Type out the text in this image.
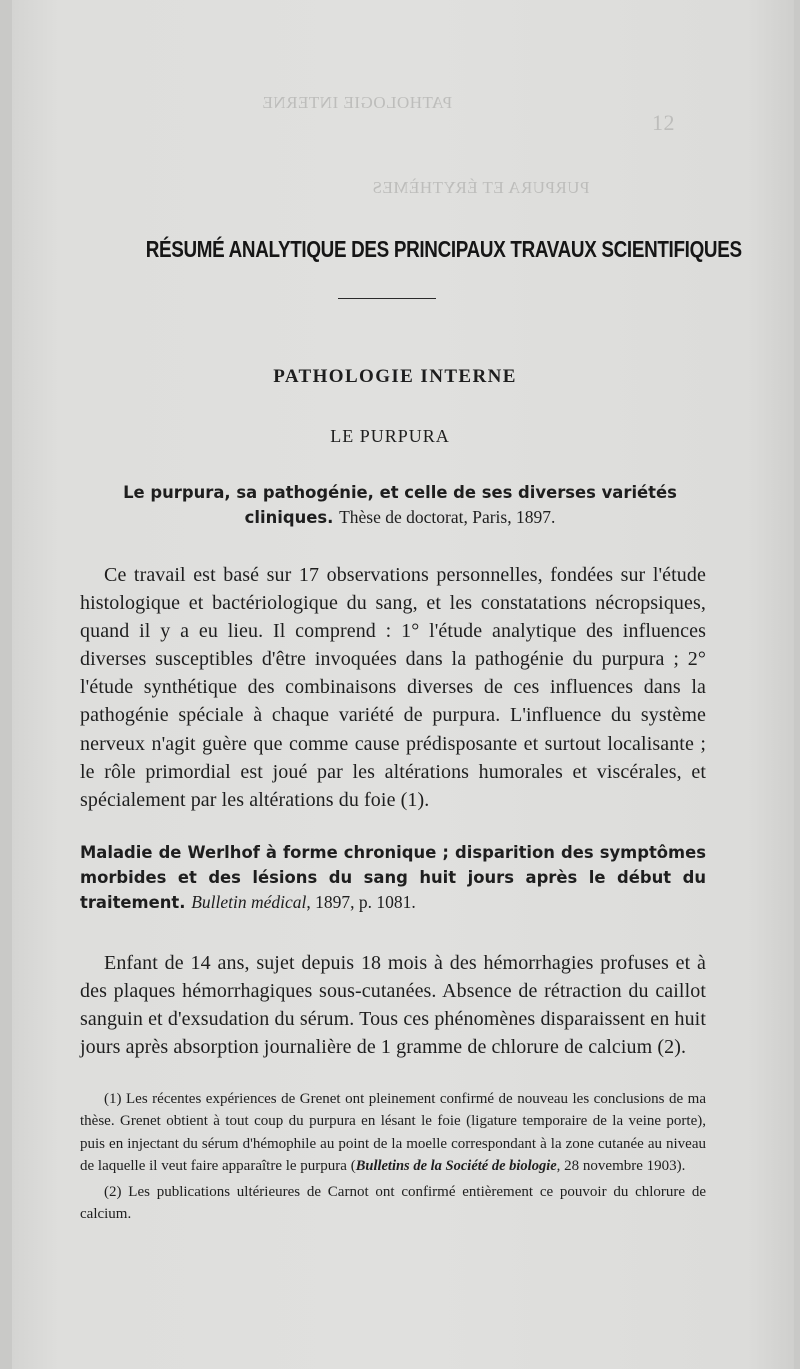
PATHOLOGIE INTERNE
PURPURA ET ÉRYTHÈMES
12
RÉSUMÉ ANALYTIQUE DES PRINCIPAUX TRAVAUX SCIENTIFIQUES
PATHOLOGIE INTERNE
LE PURPURA
Le purpura, sa pathogénie, et celle de ses diverses variétés cliniques. Thèse de doctorat, Paris, 1897.

Ce travail est basé sur 17 observations personnelles, fondées sur l'étude histologique et bactériologique du sang, et les constatations nécropsiques, quand il y a eu lieu. Il comprend : 1° l'étude analytique des influences diverses susceptibles d'être invoquées dans la pathogénie du purpura ; 2° l'étude synthétique des combinaisons diverses de ces influences dans la pathogénie spéciale à chaque variété de purpura. L'influence du système nerveux n'agit guère que comme cause prédisposante et surtout localisante ; le rôle primordial est joué par les altérations humorales et viscérales, et spécialement par les altérations du foie (1).

Maladie de Werlhof à forme chronique ; disparition des symptômes morbides et des lésions du sang huit jours après le début du traitement. Bulletin médical, 1897, p. 1081.

Enfant de 14 ans, sujet depuis 18 mois à des hémorrhagies profuses et à des plaques hémorrhagiques sous-cutanées. Absence de rétraction du caillot sanguin et d'exsudation du sérum. Tous ces phénomènes disparaissent en huit jours après absorption journalière de 1 gramme de chlorure de calcium (2).

(1) Les récentes expériences de Grenet ont pleinement confirmé de nouveau les conclusions de ma thèse. Grenet obtient à tout coup du purpura en lésant le foie (ligature temporaire de la veine porte), puis en injectant du sérum d'hémophile au point de la moelle correspondant à la zone cutanée au niveau de laquelle il veut faire apparaître le purpura (Bulletins de la Société de biologie, 28 novembre 1903).

(2) Les publications ultérieures de Carnot ont confirmé entièrement ce pouvoir du chlorure de calcium.
